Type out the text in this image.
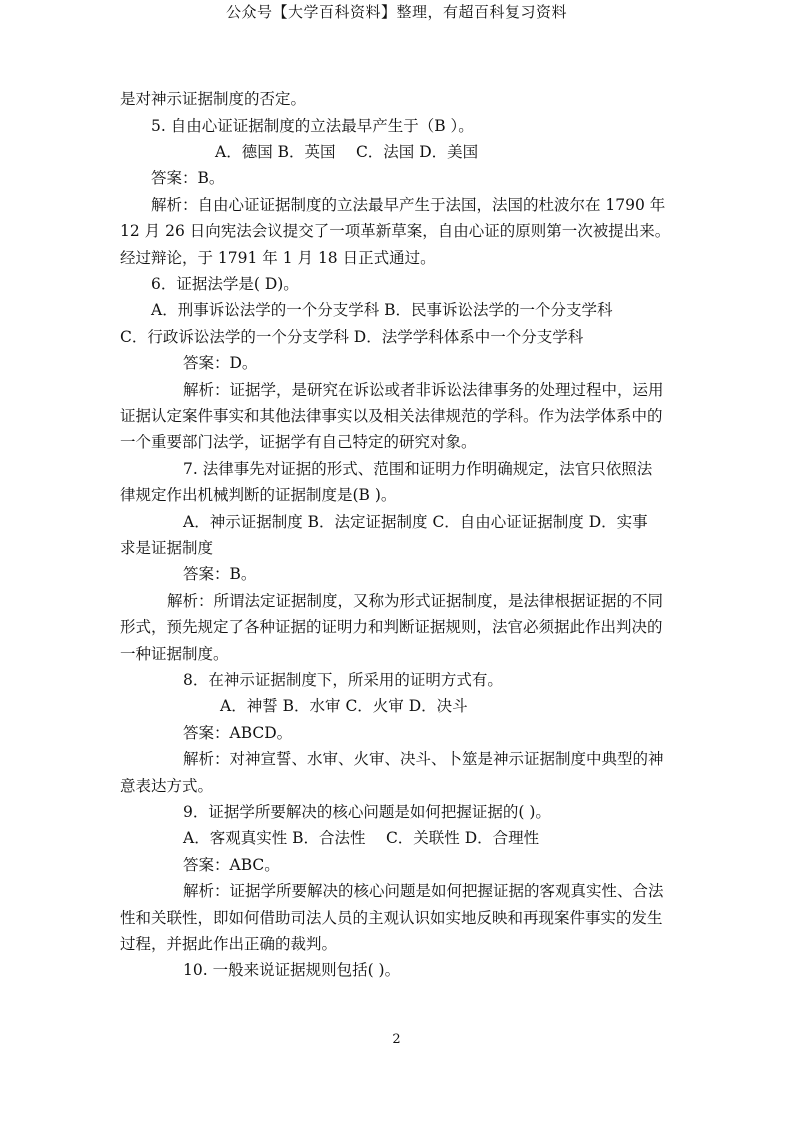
公众号【大学百科资料】整理，有超百科复习资料
是对神示证据制度的否定。
5. 自由心证证据制度的立法最早产生于（B ）。
A．德国 B．英国　 C．法国 D．美国
答案：B。
解析：自由心证证据制度的立法最早产生于法国，法国的杜波尔在 1790 年
12 月 26 日向宪法会议提交了一项革新草案，自由心证的原则第一次被提出来。
经过辩论，于 1791 年 1 月 18 日正式通过。
6．证据法学是( D)。
A．刑事诉讼法学的一个分支学科 B．民事诉讼法学的一个分支学科
C．行政诉讼法学的一个分支学科 D．法学学科体系中一个分支学科
答案：D。
解析：证据学，是研究在诉讼或者非诉讼法律事务的处理过程中，运用
证据认定案件事实和其他法律事实以及相关法律规范的学科。作为法学体系中的
一个重要部门法学，证据学有自己特定的研究对象。
7. 法律事先对证据的形式、范围和证明力作明确规定，法官只依照法
律规定作出机械判断的证据制度是(B )。
A．神示证据制度 B．法定证据制度 C．自由心证证据制度 D．实事
求是证据制度
答案：B。
解析：所谓法定证据制度，又称为形式证据制度，是法律根据证据的不同
形式，预先规定了各种证据的证明力和判断证据规则，法官必须据此作出判决的
一种证据制度。
8．在神示证据制度下，所采用的证明方式有。
A．神誓 B．水审 C．火审 D．决斗
答案：ABCD。
解析：对神宣誓、水审、火审、决斗、卜筮是神示证据制度中典型的神
意表达方式。
9．证据学所要解决的核心问题是如何把握证据的( )。
A．客观真实性 B．合法性　 C．关联性 D．合理性
答案：ABC。
解析：证据学所要解决的核心问题是如何把握证据的客观真实性、合法
性和关联性，即如何借助司法人员的主观认识如实地反映和再现案件事实的发生
过程，并据此作出正确的裁判。
10. 一般来说证据规则包括( )。
2
